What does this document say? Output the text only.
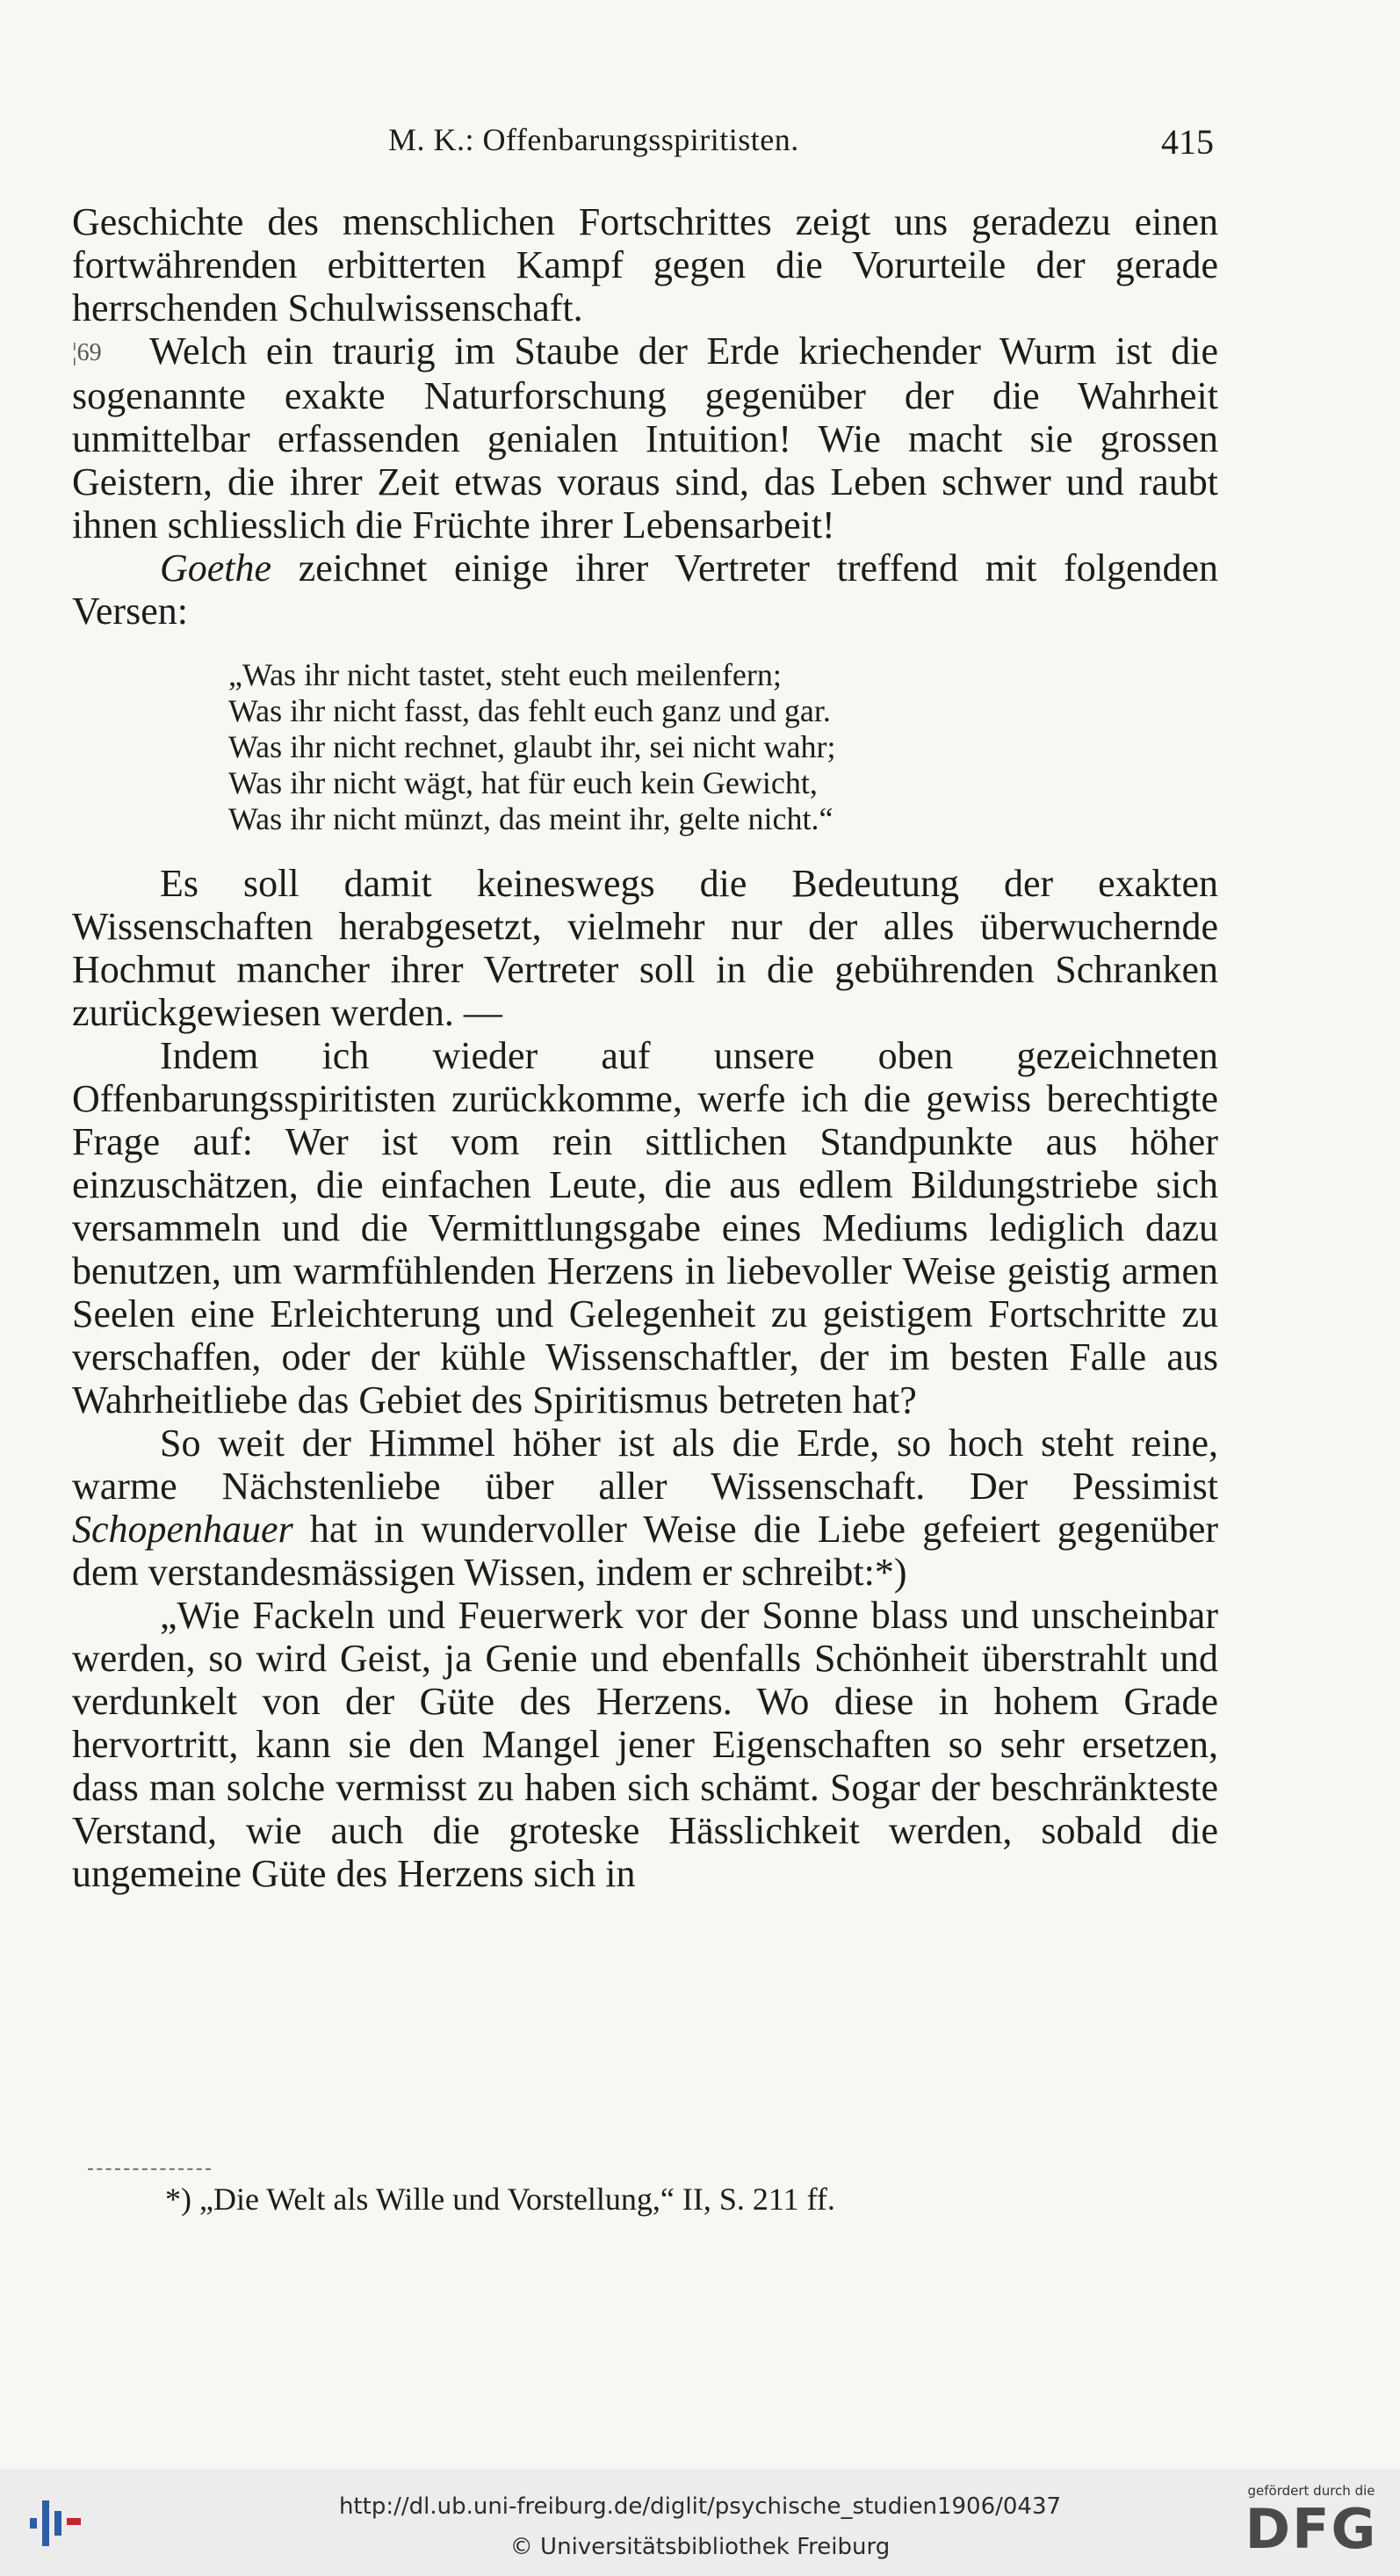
M. K.: Offenbarungsspiritisten.	415

Geschichte des menschlichen Fortschrittes zeigt uns geradezu einen fortwährenden erbitterten Kampf gegen die Vorurteile der gerade herrschenden Schulwissenschaft.

¦69 Welch ein traurig im Staube der Erde kriechender Wurm ist die sogenannte exakte Naturforschung gegenüber der die Wahrheit unmittelbar erfassenden genialen Intuition! Wie macht sie grossen Geistern, die ihrer Zeit etwas voraus sind, das Leben schwer und raubt ihnen schliesslich die Früchte ihrer Lebensarbeit!

Goethe zeichnet einige ihrer Vertreter treffend mit folgenden Versen:

„Was ihr nicht tastet, steht euch meilenfern;
Was ihr nicht fasst, das fehlt euch ganz und gar.
Was ihr nicht rechnet, glaubt ihr, sei nicht wahr;
Was ihr nicht wägt, hat für euch kein Gewicht,
Was ihr nicht münzt, das meint ihr, gelte nicht.“

Es soll damit keineswegs die Bedeutung der exakten Wissenschaften herabgesetzt, vielmehr nur der alles überwuchernde Hochmut mancher ihrer Vertreter soll in die gebührenden Schranken zurückgewiesen werden. —

Indem ich wieder auf unsere oben gezeichneten Offenbarungsspiritisten zurückkomme, werfe ich die gewiss berechtigte Frage auf: Wer ist vom rein sittlichen Standpunkte aus höher einzuschätzen, die einfachen Leute, die aus edlem Bildungstriebe sich versammeln und die Vermittlungsgabe eines Mediums lediglich dazu benutzen, um warmfühlenden Herzens in liebevoller Weise geistig armen Seelen eine Erleichterung und Gelegenheit zu geistigem Fortschritte zu verschaffen, oder der kühle Wissenschaftler, der im besten Falle aus Wahrheitliebe das Gebiet des Spiritismus betreten hat?

So weit der Himmel höher ist als die Erde, so hoch steht reine, warme Nächstenliebe über aller Wissenschaft. Der Pessimist Schopenhauer hat in wundervoller Weise die Liebe gefeiert gegenüber dem verstandesmässigen Wissen, indem er schreibt:*)

„Wie Fackeln und Feuerwerk vor der Sonne blass und unscheinbar werden, so wird Geist, ja Genie und ebenfalls Schönheit überstrahlt und verdunkelt von der Güte des Herzens. Wo diese in hohem Grade hervortritt, kann sie den Mangel jener Eigenschaften so sehr ersetzen, dass man solche vermisst zu haben sich schämt. Sogar der beschränkteste Verstand, wie auch die groteske Hässlichkeit werden, sobald die ungemeine Güte des Herzens sich in

*) „Die Welt als Wille und Vorstellung,“ II, S. 211 ff.
http://dl.ub.uni-freiburg.de/diglit/psychische_studien1906/0437
© Universitätsbibliothek Freiburg
gefördert durch die
DFG
